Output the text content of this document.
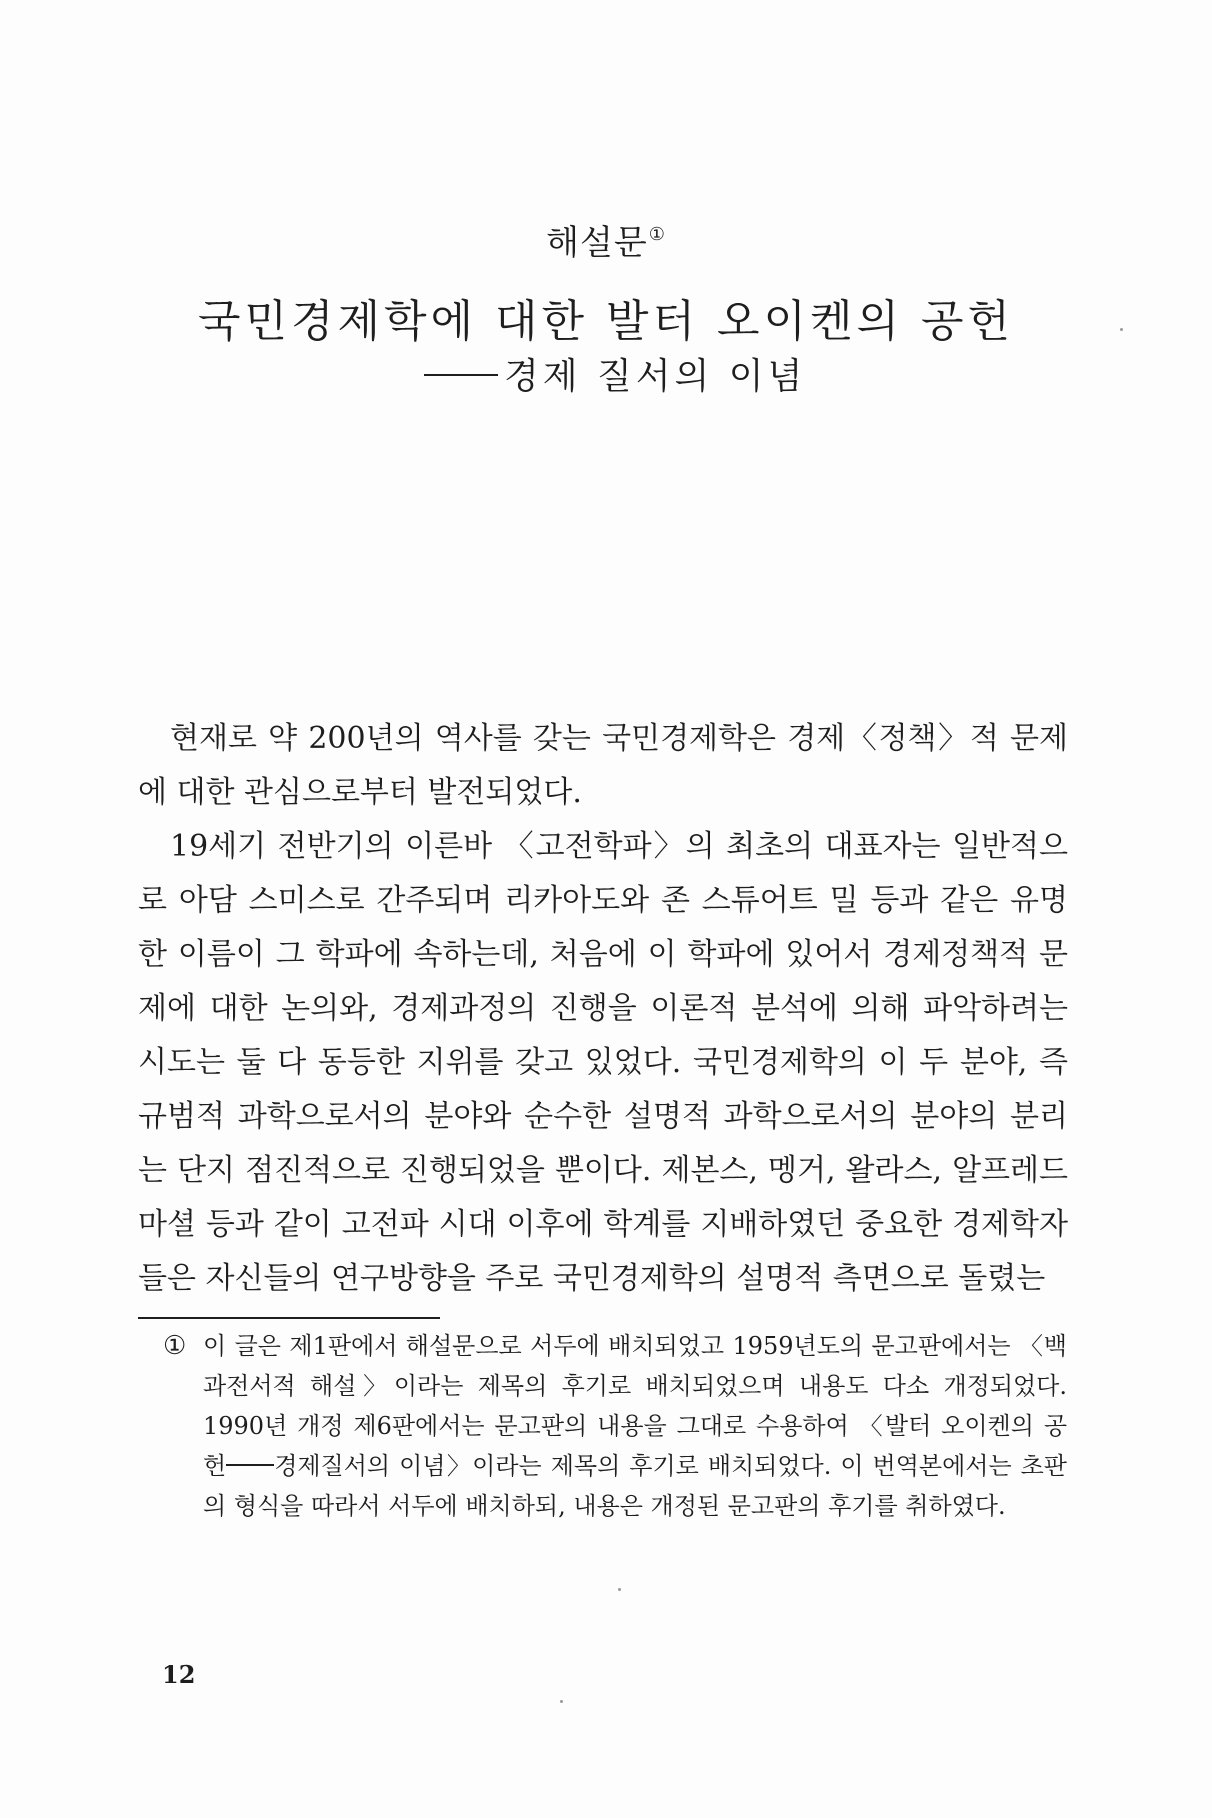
해설문①
국민경제학에 대한 발터 오이켄의 공헌
경제 질서의 이념

현재로 약 200년의 역사를 갖는 국민경제학은 경제〈정책〉적 문제에 대한 관심으로부터 발전되었다.

19세기 전반기의 이른바 〈고전학파〉의 최초의 대표자는 일반적으로 아담 스미스로 간주되며 리카아도와 존 스튜어트 밀 등과 같은 유명한 이름이 그 학파에 속하는데, 처음에 이 학파에 있어서 경제정책적 문제에 대한 논의와, 경제과정의 진행을 이론적 분석에 의해 파악하려는 시도는 둘 다 동등한 지위를 갖고 있었다. 국민경제학의 이 두 분야, 즉 규범적 과학으로서의 분야와 순수한 설명적 과학으로서의 분야의 분리는 단지 점진적으로 진행되었을 뿐이다. 제본스, 멩거, 왈라스, 알프레드 마셜 등과 같이 고전파 시대 이후에 학계를 지배하였던 중요한 경제학자들은 자신들의 연구방향을 주로 국민경제학의 설명적 측면으로 돌렸는

① 이 글은 제1판에서 해설문으로 서두에 배치되었고 1959년도의 문고판에서는 〈백과전서적 해설〉이라는 제목의 후기로 배치되었으며 내용도 다소 개정되었다. 1990년 개정 제6판에서는 문고판의 내용을 그대로 수용하여 〈발터 오이켄의 공헌 경제질서의 이념〉이라는 제목의 후기로 배치되었다. 이 번역본에서는 초판의 형식을 따라서 서두에 배치하되, 내용은 개정된 문고판의 후기를 취하였다.
12
